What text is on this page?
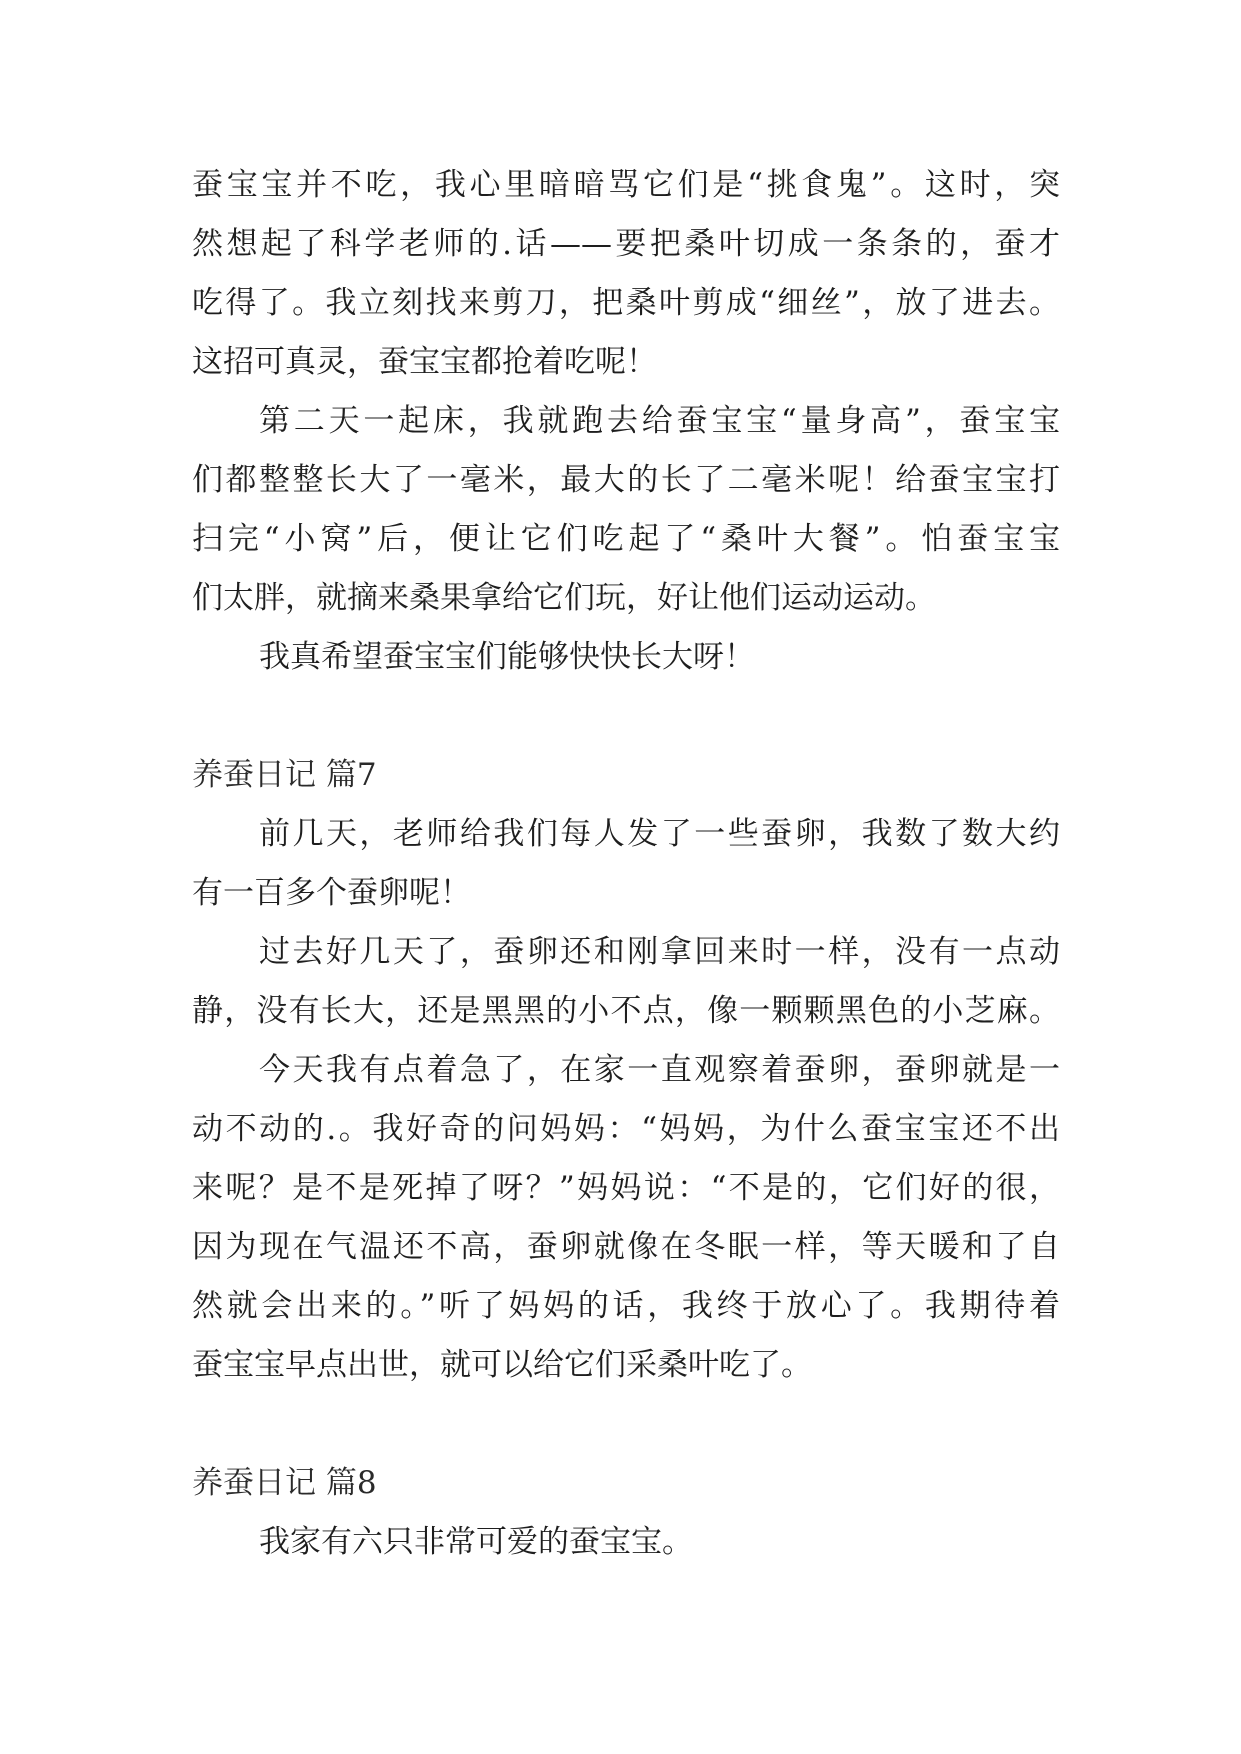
蚕宝宝并不吃，我心里暗暗骂它们是“挑食鬼”。这时，突
然想起了科学老师的.话——要把桑叶切成一条条的，蚕才
吃得了。我立刻找来剪刀，把桑叶剪成“细丝”，放了进去。
这招可真灵，蚕宝宝都抢着吃呢！
第二天一起床，我就跑去给蚕宝宝“量身高”，蚕宝宝
们都整整长大了一毫米，最大的长了二毫米呢！给蚕宝宝打
扫完“小窝”后，便让它们吃起了“桑叶大餐”。怕蚕宝宝
们太胖，就摘来桑果拿给它们玩，好让他们运动运动。
我真希望蚕宝宝们能够快快长大呀！
养蚕日记 篇7
前几天，老师给我们每人发了一些蚕卵，我数了数大约
有一百多个蚕卵呢！
过去好几天了，蚕卵还和刚拿回来时一样，没有一点动
静，没有长大，还是黑黑的小不点，像一颗颗黑色的小芝麻。
今天我有点着急了，在家一直观察着蚕卵，蚕卵就是一
动不动的.。我好奇的问妈妈：“妈妈，为什么蚕宝宝还不出
来呢？是不是死掉了呀？”妈妈说：“不是的，它们好的很，
因为现在气温还不高，蚕卵就像在冬眠一样，等天暖和了自
然就会出来的。”听了妈妈的话，我终于放心了。我期待着
蚕宝宝早点出世，就可以给它们采桑叶吃了。
养蚕日记 篇8
我家有六只非常可爱的蚕宝宝。
